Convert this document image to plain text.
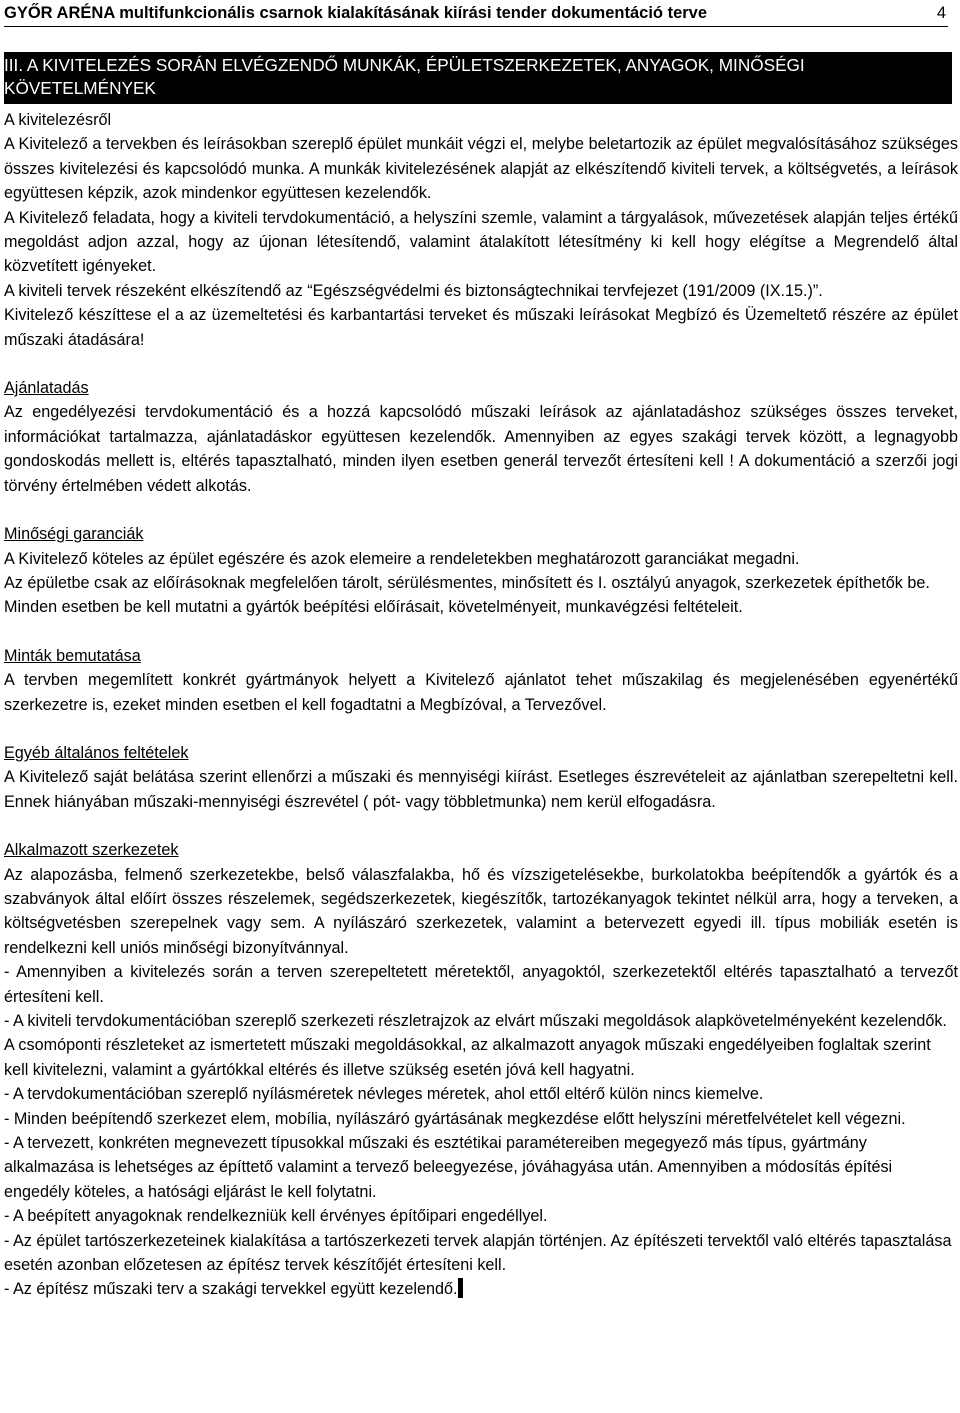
GYŐR ARÉNA multifunkcionális csarnok kialakításának kiírási tender dokumentáció terve	4
III. A KIVITELEZÉS SORÁN ELVÉGZENDŐ MUNKÁK, ÉPÜLETSZERKEZETEK, ANYAGOK, MINŐSÉGI KÖVETELMÉNYEK

A kivitelezésről

A Kivitelező a tervekben és leírásokban szereplő épület munkáit végzi el, melybe beletartozik az épület megvalósításához szükséges összes kivitelezési és kapcsolódó munka. A munkák kivitelezésének alapját az elkészítendő kiviteli tervek, a költségvetés, a leírások együttesen képzik, azok mindenkor együttesen kezelendők.

A Kivitelező feladata, hogy a kiviteli tervdokumentáció, a helyszíni szemle, valamint a tárgyalások, művezetések alapján teljes értékű megoldást adjon azzal, hogy az újonan létesítendő, valamint átalakított létesítmény ki kell hogy elégítse a Megrendelő által közvetített igényeket.

A kiviteli tervek részeként elkészítendő az “Egészségvédelmi és biztonságtechnikai tervfejezet (191/2009 (IX.15.)”.

Kivitelező készíttese el a az üzemeltetési és karbantartási terveket és műszaki leírásokat Megbízó és Üzemeltető részére az épület műszaki átadására!

Ajánlatadás

Az engedélyezési tervdokumentáció és a hozzá kapcsolódó műszaki leírások az ajánlatadáshoz szükséges összes terveket, információkat tartalmazza, ajánlatadáskor együttesen kezelendők. Amennyiben az egyes szakági tervek között, a legnagyobb gondoskodás mellett is, eltérés tapasztalható, minden ilyen esetben generál tervezőt értesíteni kell ! A dokumentáció a szerzői jogi törvény értelmében védett alkotás.

Minőségi garanciák

A Kivitelező köteles az épület egészére és azok elemeire a rendeletekben meghatározott garanciákat megadni.

Az épületbe csak az előírásoknak megfelelően tárolt, sérülésmentes, minősített és I. osztályú anyagok, szerkezetek építhetők be.

Minden esetben be kell mutatni a gyártók beépítési előírásait, követelményeit, munkavégzési feltételeit.

Minták bemutatása

A tervben megemlített konkrét gyártmányok helyett a Kivitelező ajánlatot tehet műszakilag és megjelenésében egyenértékű szerkezetre is, ezeket minden esetben el kell fogadtatni a Megbízóval, a Tervezővel.

Egyéb általános feltételek

A Kivitelező saját belátása szerint ellenőrzi a műszaki és mennyiségi kiírást. Esetleges észrevételeit az ajánlatban szerepeltetni kell. Ennek hiányában műszaki-mennyiségi észrevétel ( pót- vagy többletmunka) nem kerül elfogadásra.

Alkalmazott szerkezetek

Az alapozásba, felmenő szerkezetekbe, belső válaszfalakba, hő és vízszigetelésekbe, burkolatokba beépítendők a gyártók és a szabványok által előírt összes részelemek, segédszerkezetek, kiegészítők, tartozékanyagok tekintet nélkül arra, hogy a terveken, a költségvetésben szerepelnek vagy sem. A nyílászáró szerkezetek, valamint a betervezett egyedi ill. típus mobiliák esetén is rendelkezni kell uniós minőségi bizonyítvánnyal.

- Amennyiben a kivitelezés során a terven szerepeltetett méretektől, anyagoktól, szerkezetektől eltérés tapasztalható a tervezőt értesíteni kell.

- A kiviteli tervdokumentációban szereplő szerkezeti részletrajzok az elvárt műszaki megoldások alapkövetelményeként kezelendők. A csomóponti részleteket az ismertetett műszaki megoldásokkal, az alkalmazott anyagok műszaki engedélyeiben foglaltak szerint kell kivitelezni, valamint a gyártókkal eltérés és illetve szükség esetén jóvá kell hagyatni.

- A tervdokumentációban szereplő nyílásméretek névleges méretek, ahol ettől eltérő külön nincs kiemelve.

- Minden beépítendő szerkezet elem, mobília, nyílászáró gyártásának megkezdése előtt helyszíni méretfelvételet kell végezni.

- A tervezett, konkréten megnevezett típusokkal műszaki és esztétikai paramétereiben megegyező más típus, gyártmány alkalmazása is lehetséges az építtető valamint a tervező beleegyezése, jóváhagyása után. Amennyiben a módosítás építési engedély köteles, a hatósági eljárást le kell folytatni.

- A beépített anyagoknak rendelkezniük kell érvényes építőipari engedéllyel.

- Az épület tartószerkezeteinek kialakítása a tartószerkezeti tervek alapján történjen. Az építészeti tervektől való eltérés tapasztalása esetén azonban előzetesen az építész tervek készítőjét értesíteni kell.

- Az építész műszaki terv a szakági tervekkel együtt kezelendő.
